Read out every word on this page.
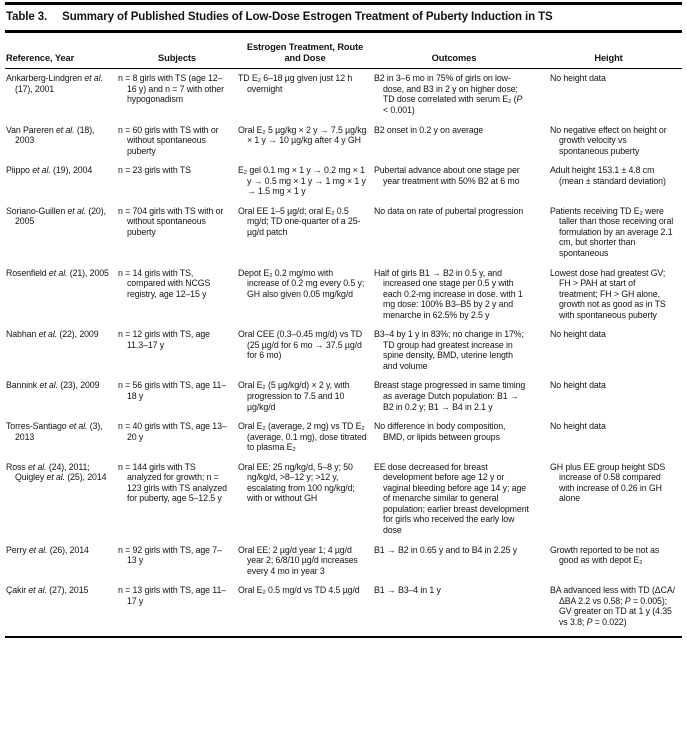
Table 3. Summary of Published Studies of Low-Dose Estrogen Treatment of Puberty Induction in TS
Reference, Year	Subjects	Estrogen Treatment, Route and Dose	Outcomes	Height
Ankarberg-Lindgren et al. (17), 2001	n = 8 girls with TS (age 12–16 y) and n = 7 with other hypogonadism	TD E₂ 6–18 µg given just 12 h overnight	B2 in 3–6 mo in 75% of girls on low-dose, and B3 in 2 y on higher dose; TD dose correlated with serum E₂ (P < 0.001)	No height data
Van Pareren et al. (18), 2003	n = 60 girls with TS with or without spontaneous puberty	Oral E₂ 5 µg/kg × 2 y → 7.5 µg/kg × 1 y → 10 µg/kg after 4 y GH	B2 onset in 0.2 y on average	No negative effect on height or growth velocity vs spontaneous puberty
Piippo et al. (19), 2004	n = 23 girls with TS	E₂ gel 0.1 mg × 1 y → 0.2 mg × 1 y → 0.5 mg × 1 y → 1 mg × 1 y → 1.5 mg × 1 y	Pubertal advance about one stage per year treatment with 50% B2 at 6 mo	Adult height 153.1 ± 4.8 cm (mean ± standard deviation)
Soriano-Guillen et al. (20), 2005	n = 704 girls with TS with or without spontaneous puberty	Oral EE 1–5 µg/d; oral E₂ 0.5 mg/d; TD one-quarter of a 25-µg/d patch	No data on rate of pubertal progression	Patients receiving TD E₂ were taller than those receiving oral formulation by an average 2.1 cm, but shorter than spontaneous
Rosenfield et al. (21), 2005	n = 14 girls with TS, compared with NCGS registry, age 12–15 y	Depot E₂ 0.2 mg/mo with increase of 0.2 mg every 0.5 y; GH also given 0.05 mg/kg/d	Half of girls B1 → B2 in 0.5 y, and increased one stage per 0.5 y with each 0.2-mg increase in dose. with 1 mg dose: 100% B3–B5 by 2 y and menarche in 62.5% by 2.5 y	Lowest dose had greatest GV; FH > PAH at start of treatment; FH > GH alone, growth not as good as in TS with spontaneous puberty
Nabhan et al. (22), 2009	n = 12 girls with TS, age 11.3–17 y	Oral CEE (0.3–0.45 mg/d) vs TD (25 µg/d for 6 mo → 37.5 µg/d for 6 mo)	B3–4 by 1 y in 83%; no change in 17%; TD group had greatest increase in spine density, BMD, uterine length and volume	No height data
Bannink et al. (23), 2009	n = 56 girls with TS, age 11–18 y	Oral E₂ (5 µg/kg/d) × 2 y, with progression to 7.5 and 10 µg/kg/d	Breast stage progressed in same timing as average Dutch population: B1 → B2 in 0.2 y; B1 → B4 in 2.1 y	No height data
Torres-Santiago et al. (3), 2013	n = 40 girls with TS, age 13–20 y	Oral E₂ (average, 2 mg) vs TD E₂ (average, 0.1 mg), dose titrated to plasma E₂	No difference in body composition, BMD, or lipids between groups	No height data
Ross et al. (24), 2011; Quigley et al. (25), 2014	n = 144 girls with TS analyzed for growth; n = 123 girls with TS analyzed for puberty, age 5–12.5 y	Oral EE: 25 ng/kg/d, 5–8 y; 50 ng/kg/d, >8–12 y; >12 y, escalating from 100 ng/kg/d; with or without GH	EE dose decreased for breast development before age 12 y or vaginal bleeding before age 14 y; age of menarche similar to general population; earlier breast development for girls who received the early low dose	GH plus EE group height SDS increase of 0.58 compared with increase of 0.26 in GH alone
Perry et al. (26), 2014	n = 92 girls with TS, age 7–13 y	Oral EE: 2 µg/d year 1; 4 µg/d year 2; 6/8/10 µg/d increases every 4 mo in year 3	B1 → B2 in 0.65 y and to B4 in 2.25 y	Growth reported to be not as good as with depot E₂
Çakir et al. (27), 2015	n = 13 girls with TS, age 11–17 y	Oral E₂ 0.5 mg/d vs TD 4.5 µg/d	B1 → B3–4 in 1 y	BA advanced less with TD (ΔCA/ΔBA 2.2 vs 0.58; P = 0.005); GV greater on TD at 1 y (4.35 vs 3.8; P = 0.022)
